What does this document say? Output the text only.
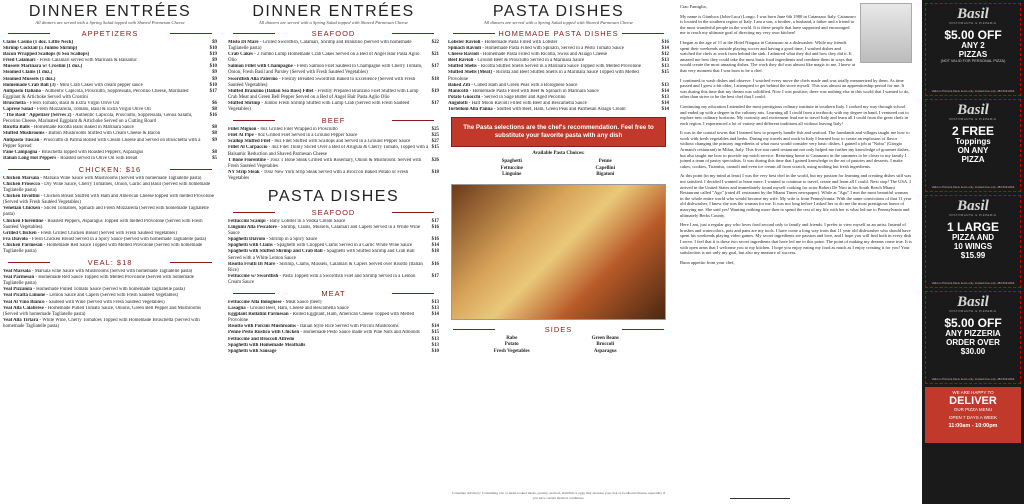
DINNER ENTRÉES
All dinners are served with a Spring Salad topped with Shaved Parmesan Cheese
APPETIZERS
Clams Casino (1 doz. Little Neck)	$9
Shrimp Cocktail (5 Jumbo Shrimp)	$10
Bacon Wrapped Scallops (6 Sea Scallops)	$19
Fried Calamari - Fresh Calamari served with Marinara & Balsamic	$9
Mussels Marinara w/ Crostini (1 doz.)	$10
Steamed Clams (1 doz.)	$9
Steamed Mussels (1 doz.)	$9
Homemade Crab Ball (3) - Mini Crab Cakes with cream pepper sauce	$10
Antipasto Italiano - Authentic Capicola, Prosciutto, Soppressata, Pecorino Cheese, Marinated Eggplant & Artichoke Served with Crostini
$17
Bruschetta - Fresh Tomato, Basil & Extra Virgin Olive Oil	$6
Caprese Salad - Fresh Mozzarella, Tomato, Basil & Extra Virgin Olive Oil	$8
"The Basil" Appetizer (Serves 2) - Authentic Capicola, Prosciutto, Soppressata, Genoa Salami, Pecorino Cheese, Marinated Eggplant & Artichoke Served on a Cutting Board
$16
Ricotta Balls - Homemade Ricotta Balls Baked in Marinara Sauce	$8
Stuffed Mushrooms - Button Mushrooms Stuffed with Cream Cheese & Bacon	$8
Antipasto Tuscan - Prosciutto di Parma Rolled with Cream Cheese and Served on Bruschetta with a Pepper Spread
$9
Pane Campagna - Bruschetta topped with Roasted Peppers, Asparagus	$8
Italian Long Hot Peppers - Roasted served in Olive Oil with Bread	$5
CHICKEN: $16
Chicken Marsala - Marsala Wine Sauce with Mushrooms (Served with homemade Tagliatelle pasta)
Chicken Prosecco - Dry Wine Sauce, Cherry Tomatoes, Onion, Garlic and Basil (Served with homemade Tagliatelle pasta)
Chicken Involtini - Chicken Breast Stuffed with Ham and American Cheese topped with melted Provolone (Served with Fresh Sautéed Vegetables)
Venetian Chicken - Sliced Tomatoes, Spinach and Fresh Mozzarella (Served with homemade Tagliatelle pasta)
Chicken Florentine - Roasted Peppers, Asparagus Topped with melted Provolone (Served with Fresh Sautéed Vegetables)
Grilled Chicken - Fresh Grilled Chicken Breast (Served with Fresh Sautéed Vegetables)
Fra Diavolo - Fresh Chicken Breast Served in a Spicy Sauce (Served with homemade Tagliatelle pasta)
Chicken Parmesan - Homemade Red Sauce Topped with Melted Provolone (Served with homemade Tagliatelle pasta)
VEAL: $18
Veal Marsala - Marsala wine Sauce with Mushrooms (Served with homemade Tagliatelle pasta)
Veal Parmesan - Homemade Red Sauce Topped with Melted Provolone (Served with homemade Tagliatelle pasta)
Veal Pizzaiola - Homemade Pulled Tomato Sauce (Served with homemade Tagliatelle pasta)
Veal Picatta Limone - Lemon Sauce and Capers (Served with Fresh Sautéed Vegetables)
Veal Al Vino Bianco - Sautéed with Wine (Served with Fresh Sautéed Vegetables)
Veal Alla Calabrese - Homemade Pulled Tomato Sauce, Onions, Green Bell Pepper and Mushrooms (Served with homemade Tagliatelle pasta)
Veal Alla Tirtara - White Wine, Cherry Tomatoes Topped with Homemade Bruschetta (Served with homemade Tagliatelle pasta)
DINNER ENTRÉES
All dinners are served with a Spring Salad topped with Shaved Parmesan Cheese
SEAFOOD
Misto Di Mare - Grilled Swordfish, Calamari, Shrimp and Branzino (Served with homemade Tagliatelle pasta)
$22
Crab Cakes - 2 Jumbo Lump Homemade Crab Cakes Served on a Bed of Angel Hair Pasta Aglio Olio
$21
Salmon Fillet with Champagne - Fresh Salmon Filet Sautéed in Champagne with Cherry Tomato, Onion, Fresh Basil and Parsley (Served with Fresh Sautéed Vegetables)
$17
Swordfish Alla Palermo - Freshly Breaded Swordfish Baked to Excellence (Served with Fresh Sautéed Vegetables)
$18
Stuffed Branzino (Italian Sea Bass) Fillet - Freshly Prepared Branzino Filet Stuffed with Lump Crab Meat and Green Bell Pepper Served on a Bed of Angel Hair Pasta Aglio Olio
$19
Stuffed Shrimp - Jumbo Fresh Shrimp Stuffed with Lump Crab (Served with Fresh Sautéed Vegetables)
$17
BEEF
Fillet Mignon - 8oz Grilled Filet Wrapped in Prosciutto	$25
Filet Al Pipe - 8oz Grilled Filet Served in a Ground Pepper Sauce	$25
Scallop Stuffed Filet - 8oz Filet Stuffed with Scallops and Served in a Ground Pepper Sauce	$27
Fillet Al Carpaccio - 4oz Filet Thinly Sliced Over a Bed of Arugula & Cherry Tomato, Topped with a Balsamic Reduction and Shaved Parmesan Cheese
$15
T Bone Florentine - 16oz T Bone Steak Grilled with Rosemary, Onion & Mushroom. Served with Fresh Sautéed Vegetables
$26
NY Strip Steak - 10oz New York Strip Steak Served with a Broccoli Baked Potato or Fresh Vegetables
$18
PASTA DISHES
SEAFOOD
Fettuccini Scampi - Baby Lobster in a Vodka Cream Sauce	$17
Linguini Alla Pescatore - Shrimp, Clams, Mussels, Calamari and Capers Served in a White Wine Sauce
$16
Spaghetti Diavolo - Shrimp in a Spicy Sauce	$16
Spaghetti with Clams - Spaghetti with Chopped Clams Served in a Garlic White Wine Sauce	$14
Spaghetti with Stuffed Shrimp and Crab Ball - Spaghetti with Stuffed Shrimp and Crab Ball Served with a White Lemon Sauce
$18
Risotto Frutti Di Mare - Shrimp, Clams, Mussels, Calamari & Capers Served over Risotto (Italian Rice)
$16
Fettuccine w/ Swordfish - Pasta Topped with a Swordfish Filet and Shrimp Served in a Lemon Cream Sauce
$17
MEAT
Fettuccine Alla Bolognese - Meat Sauce (beef)	$13
Lasagna - Ground Beef, Ham, Cheese and Bescamella Sauce	$13
Eggplant Rollatini Parmesan - Rolled Eggplant, Ham, American Cheese Topped with Melted Provolone
$14
Risotto with Porcini Mushrooms - Italian Style Rice Served with Porcini Mushrooms	$14
Penne Pesto Rustico with Chicken - Homemade Pesto Sauce made with Pine Nuts and Almonds	$15
Fettuccine and Broccoli Alfredo	$13
Spaghetti with Homemade Meatballs	$13
Spaghetti with Sausage	$10
PASTA DISHES
All dinners are served with a Spring Salad topped with Shaved Parmesan Cheese
HOMEMADE PASTA DISHES
Lobster Ravioli - Homemade Pasta Filled with Lobster	$16
Spinach Ravioli - Homemade Pasta Filled with Spinach, Served in a Pesto Tomato Sauce	$14
Cheese Ravioli - Homemade Pasta Filled with Ricotta, Swiss and Asiago Cheese	$12
Beef Ravioli - Ground Beef & Prosciutto Served in a Marinara Sauce	$13
Stuffed Shells - Ricotta Stuffed Shells Served in a Marinara Sauce Topped with Melted Provolone	$13
Stuffed Shells (Meat) - Ricotta and Beef Stuffed Shells in a Marinara Sauce Topped with Melted Provolone
$15
Baked Ziti - Cubed Ham and Green Peas with a Bolognese Sauce	$13
Manicotti - Homemade Pasta Filled with Beef & Spinach in Marinara Sauce	$14
Potato Gnocchi - Served in Sage Butter and Aged Pecorino	$13
Angolotti - Half Moon Ravioli Filled with Beef and Bescamella Sauce	$14
Tortelloni Alla Panna - Stuffed with Beef, Ham, Green Peas and Parmesan Asiago Cream	$14
The Pasta selections are the chef's recommendation. Feel free to substitute your favorite pasta with any dish
Available Pasta Choices:
Spaghetti	Penne
Fettuccine	Capellini
Linguine	Bigatoni
SIDES
Rabe	Green Beans
Potato	Broccoli
Fresh Vegetables	Asparagus
Consumer Advisory: Consuming raw or undercooked meats, poultry, seafood, shellfish or eggs may increase your risk of foodborne illness, especially if you have certain medical conditions.

Ciao Famiglia,

My name is Gianluca (John-Luca) Longo. I was born June 6th 1980 in Catanzaro Italy. Catanzaro is located in the southern region of Italy. I am a son, a brother, a husband, a father and a friend to the most wonderful people in the world. It is these people that have supported and encouraged me to reach my ultimate goal of directing my very own kitchen!

I began at the age of 11 at the Hotel Niagara in Catanzaro as a dishwasher. While my friends spent their weekends outside playing soccer and having a good time, I washed dishes and watched the chefs at work from behind the sink. I admired what they did and how they did it. It amazed me how they could take the most basic food ingredients and combine them in ways that would create the most amazing dishes. The work they did was almost like magic to me. I knew at that very moment that I was born to be a chef.

I continued to wash dishes and observe. I watched every move the chefs made and was totally mesmerized by them. As time passed and I grew a bit older, I attempted to get behind the stove myself. This was almost an apprenticeship period for me. It was during this time that my dream was solidified. Now I was positive; there was nothing else in this world that I wanted to do, other than strive to be the best chef that I could.

Continuing my education I attended the most prestigious culinary institute in southern Italy. I cooked my way through school and ended up with a degree in the culinary arts. Learning all I could from a textbook; with my degree in hand, I ventured out to explore new culinary horizons. My curiosity and excitement lead me to travel Italy and learn all I could from the great chefs in each region. I experienced a lot of variety and different traditions all without leaving Italy!

It was in the coastal towns that I learned how to properly handle fish and seafood. The farmlands and villages taught me how to work with fresh vegetables and herbs. During my travels and work in Italy I learned how to create an explosion of flavor without changing the primary ingredients of what most would consider very basic dishes. I gained a job at "Nobu" (Giorgio Armani's restaurant) in Milan, Italy. This five star rated restaurant not only helped me further my knowledge of gourmet dishes, but also taught me how to provide top notch service. Returning home to Catanzaro in the summers to be closer to my family I joined a team of pastry specialists. It was during this time that I gained knowledge in the art of pastries and desserts. I make cakes, cookies, Tiramisu, cannoli and even ice cream all from scratch, using nothing but fresh ingredients.

At this point (in my mind at least) I was the very best chef in the world, but my passion for learning and creating dishes still was not satisfied. I decided I wanted to learn more. I wanted to continue to travel, create and learn all I could. Next stop! The USA. I arrived in the United States and immediately found myself cooking for actor Robert De Niro in his South Beach Miami Restaurant called "Ago" (rated #1 restaurant by the Miami Times newspaper). While at "Ago" I met the most beautiful woman in the whole entire world who would become my wife. My wife is from Pennsylvania. With the same convictions of that 11 year old dishwasher, I knew she was the woman for me. It was not long before I asked her to do me the most prestigious honor of marrying me. She said yes! Wanting nothing more then to spend the rest of my life with her is what led me to Pennsylvania and ultimately Berks County.

Here I am, just a regular guy who loves food second only to family and friends. I prefer to view myself as an artist. Instead of brushes and watercolors, pots and pans are my tools. I have come a long way from that 11 year old dishwasher who should have spent his weekends playing video games. My secret ingredients are passion and love, and I hope you will find both in every dish I serve. I feel that it is these two secret ingredients that have led me to this point. The point of making my dreams come true. It is with open arms that I welcome you to my kitchen. I hope you enjoy eating my food as much as I enjoy creating it for you! Your satisfaction is not only my goal, but also my measure of success.

Buon appetito from your chef,

Basil
RISTORANTE & PIZZERIA
$5.00 OFF
ANY 2
PIZZAS
(NOT VALID FOR PERSONAL PIZZA)
Valid on Pizzeria Menu items only. Limited time only. 484.509.2066
Basil
RISTORANTE & PIZZERIA
2 FREE
Toppings
ON ANY
PIZZA
Valid on Pizzeria Menu items only. Limited time only. 484.509.2066
Basil
RISTORANTE & PIZZERIA
1 LARGE
PIZZA AND
10 WINGS
$15.99
Valid on Pizzeria Menu items only. Limited time only. 484.509.2066
Basil
RISTORANTE & PIZZERIA
$5.00 OFF
ANY PIZZERIA
ORDER OVER
$30.00
Valid on Pizzeria Menu items only. Limited time only. 484.509.2066
WE ARE HAPPY TO
DELIVER
OUR PIZZA MENU
OPEN 7 DAYS A WEEK
11:00am - 10:00pm
